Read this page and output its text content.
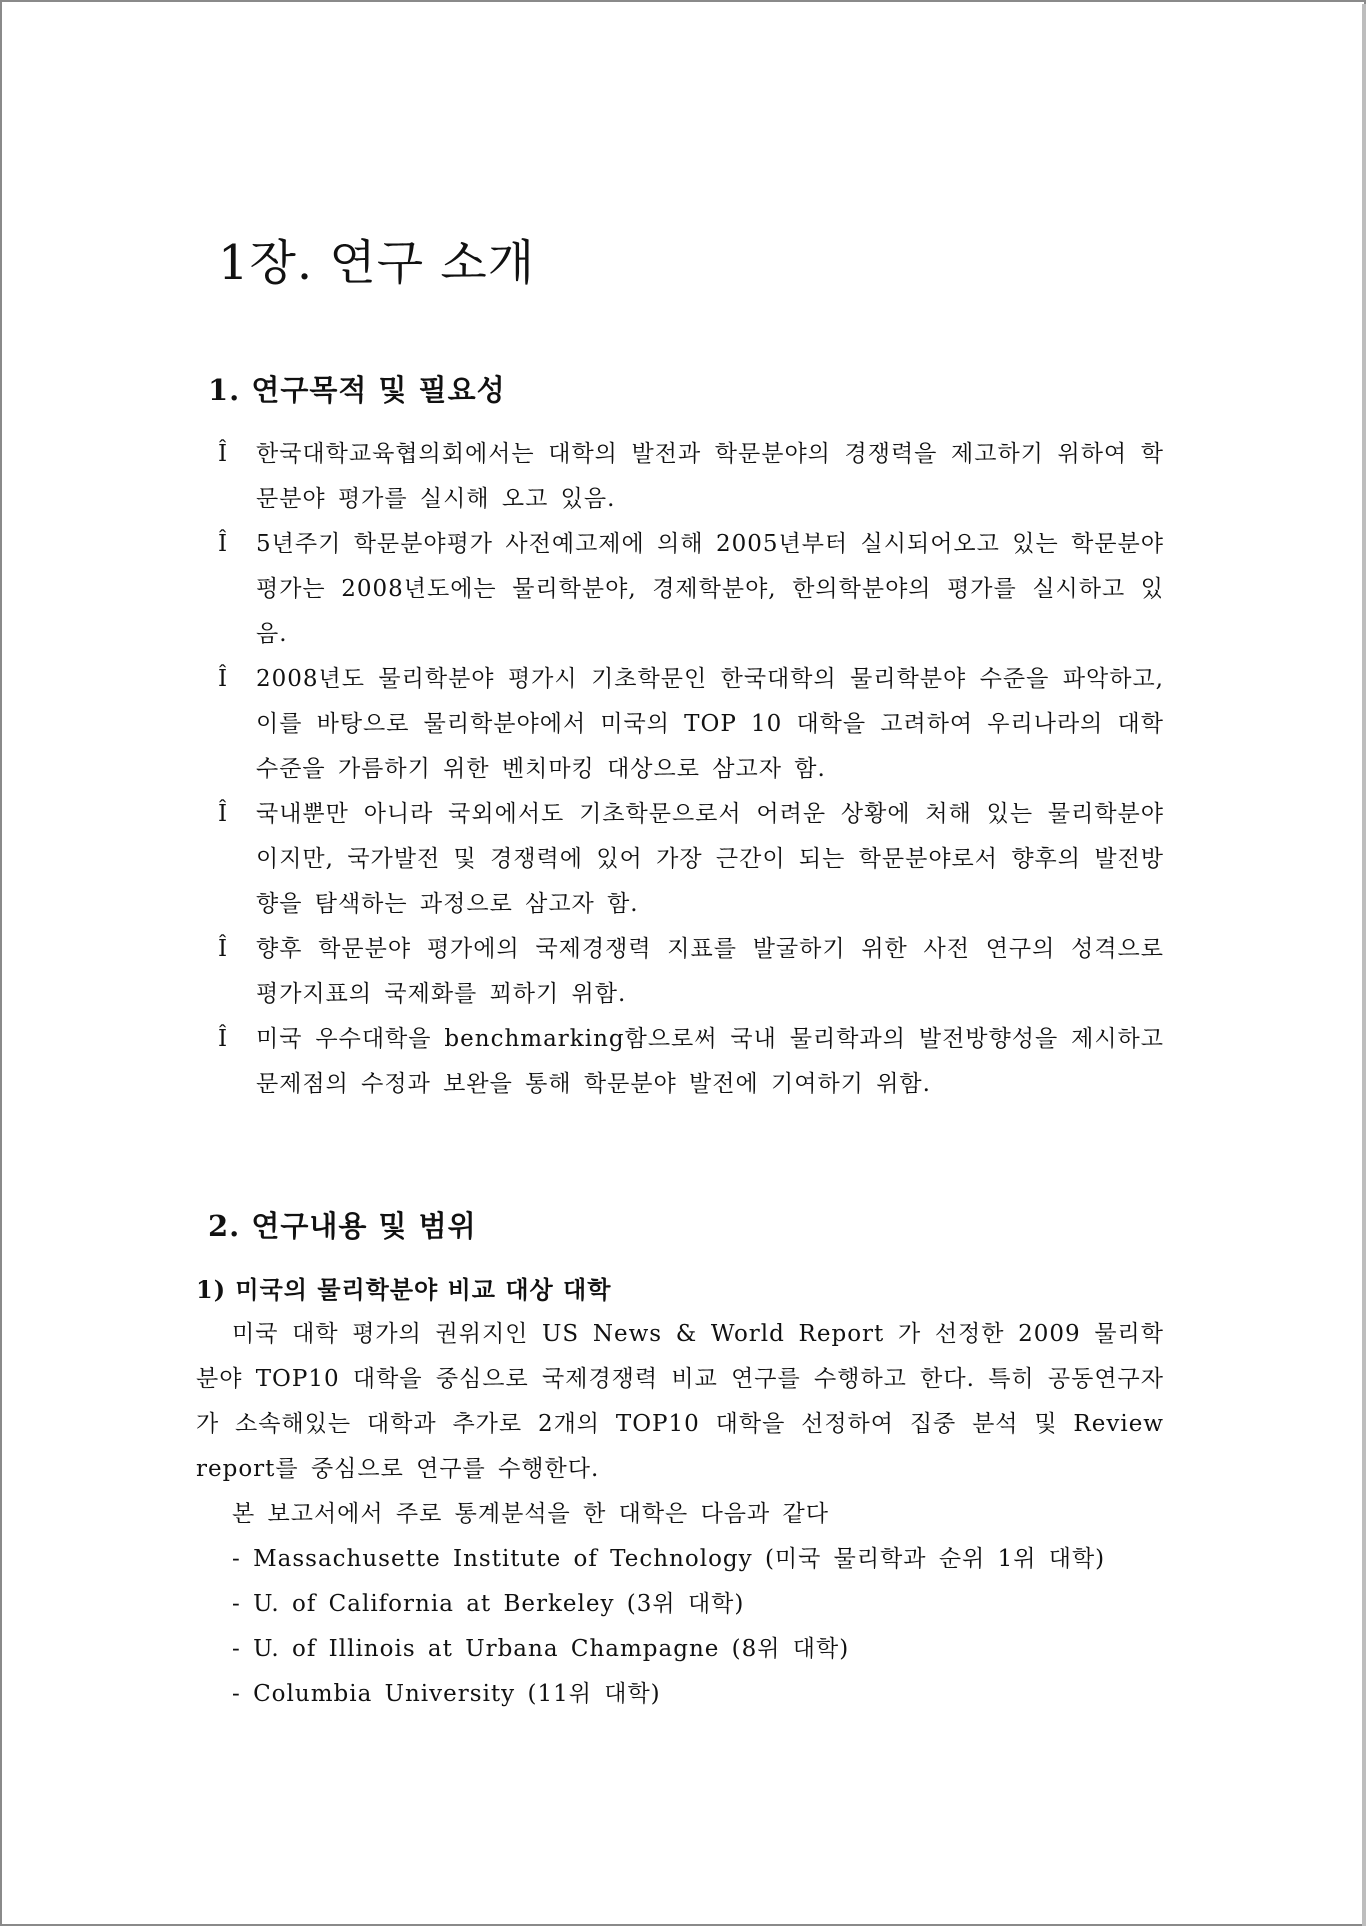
1장. 연구 소개
1. 연구목적 및 필요성
Î 한국대학교육협의회에서는 대학의 발전과 학문분야의 경쟁력을 제고하기 위하여 학문분야 평가를 실시해 오고 있음.
Î 5년주기 학문분야평가 사전예고제에 의해 2005년부터 실시되어오고 있는 학문분야평가는 2008년도에는 물리학분야, 경제학분야, 한의학분야의 평가를 실시하고 있음.
Î 2008년도 물리학분야 평가시 기초학문인 한국대학의 물리학분야 수준을 파악하고, 이를 바탕으로 물리학분야에서 미국의 TOP 10 대학을 고려하여 우리나라의 대학 수준을 가름하기 위한 벤치마킹 대상으로 삼고자 함.
Î 국내뿐만 아니라 국외에서도 기초학문으로서 어려운 상황에 처해 있는 물리학분야이지만, 국가발전 및 경쟁력에 있어 가장 근간이 되는 학문분야로서 향후의 발전방향을 탐색하는 과정으로 삼고자 함.
Î 향후 학문분야 평가에의 국제경쟁력 지표를 발굴하기 위한 사전 연구의 성격으로 평가지표의 국제화를 꾀하기 위함.
Î 미국 우수대학을 benchmarking함으로써 국내 물리학과의 발전방향성을 제시하고 문제점의 수정과 보완을 통해 학문분야 발전에 기여하기 위함.
2. 연구내용 및 범위
1) 미국의 물리학분야 비교 대상 대학

미국 대학 평가의 권위지인 US News & World Report 가 선정한 2009 물리학분야 TOP10 대학을 중심으로 국제경쟁력 비교 연구를 수행하고 한다. 특히 공동연구자가 소속해있는 대학과 추가로 2개의 TOP10 대학을 선정하여 집중 분석 및 Review report를 중심으로 연구를 수행한다.

본 보고서에서 주로 통계분석을 한 대학은 다음과 같다

- Massachusette Institute of Technology (미국 물리학과 순위 1위 대학)
- U. of California at Berkeley (3위 대학)
- U. of Illinois at Urbana Champagne (8위 대학)
- Columbia University (11위 대학)
